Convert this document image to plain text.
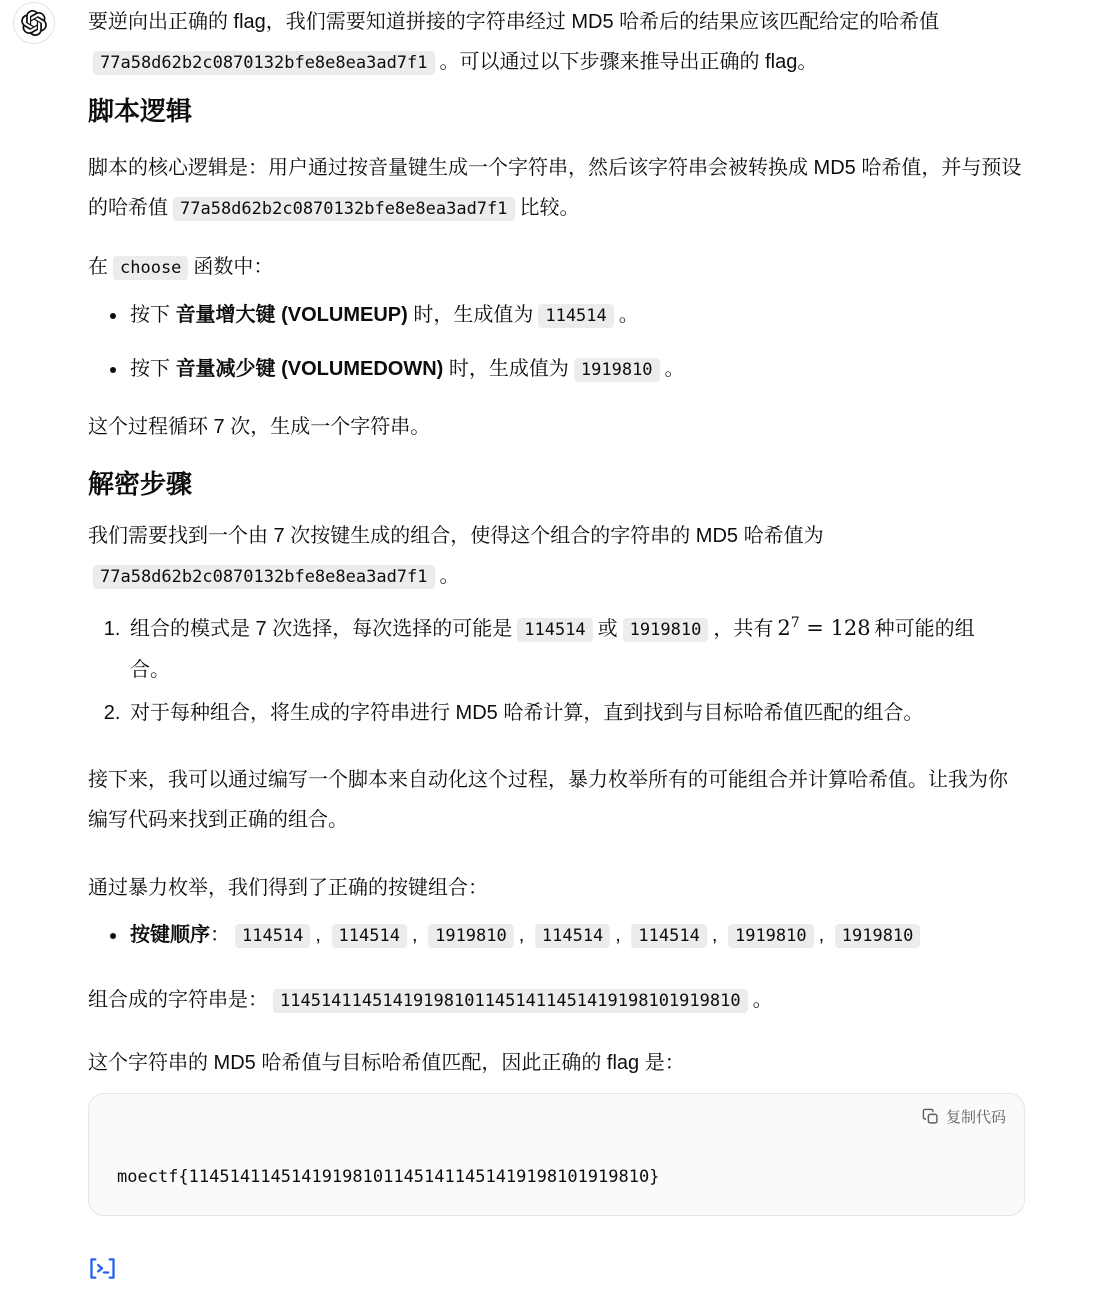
要逆向出正确的 flag，我们需要知道拼接的字符串经过 MD5 哈希后的结果应该匹配给定的哈希值77a58d62b2c0870132bfe8e8ea3ad7f1 。可以通过以下步骤来推导出正确的 flag。

脚本逻辑

脚本的核心逻辑是：用户通过按音量键生成一个字符串，然后该字符串会被转换成 MD5 哈希值，并与预设的哈希值 77a58d62b2c0870132bfe8e8ea3ad7f1 比较。

在 choose 函数中：

• 按下 音量增大键 (VOLUMEUP) 时，生成值为 114514 。
• 按下 音量减少键 (VOLUMEDOWN) 时，生成值为 1919810 。

这个过程循环 7 次，生成一个字符串。

解密步骤

我们需要找到一个由 7 次按键生成的组合，使得这个组合的字符串的 MD5 哈希值为77a58d62b2c0870132bfe8e8ea3ad7f1 。

1. 组合的模式是 7 次选择，每次选择的可能是 114514 或 1919810 ，共有 $2^7 = 128$ 种可能的组
合。
2. 对于每种组合，将生成的字符串进行 MD5 哈希计算，直到找到与目标哈希值匹配的组合。

接下来，我可以通过编写一个脚本来自动化这个过程，暴力枚举所有的可能组合并计算哈希值。让我为你编写代码来找到正确的组合。

通过暴力枚举，我们得到了正确的按键组合：

• 按键顺序： 114514 , 114514 , 1919810 , 114514 , 114514 , 1919810 , 1919810

组合成的字符串是： 114514114514191981011451411451419198101919810 。

这个字符串的 MD5 哈希值与目标哈希值匹配，因此正确的 flag 是：

复制代码
moectf{114514114514191981011451411451419198101919810}
